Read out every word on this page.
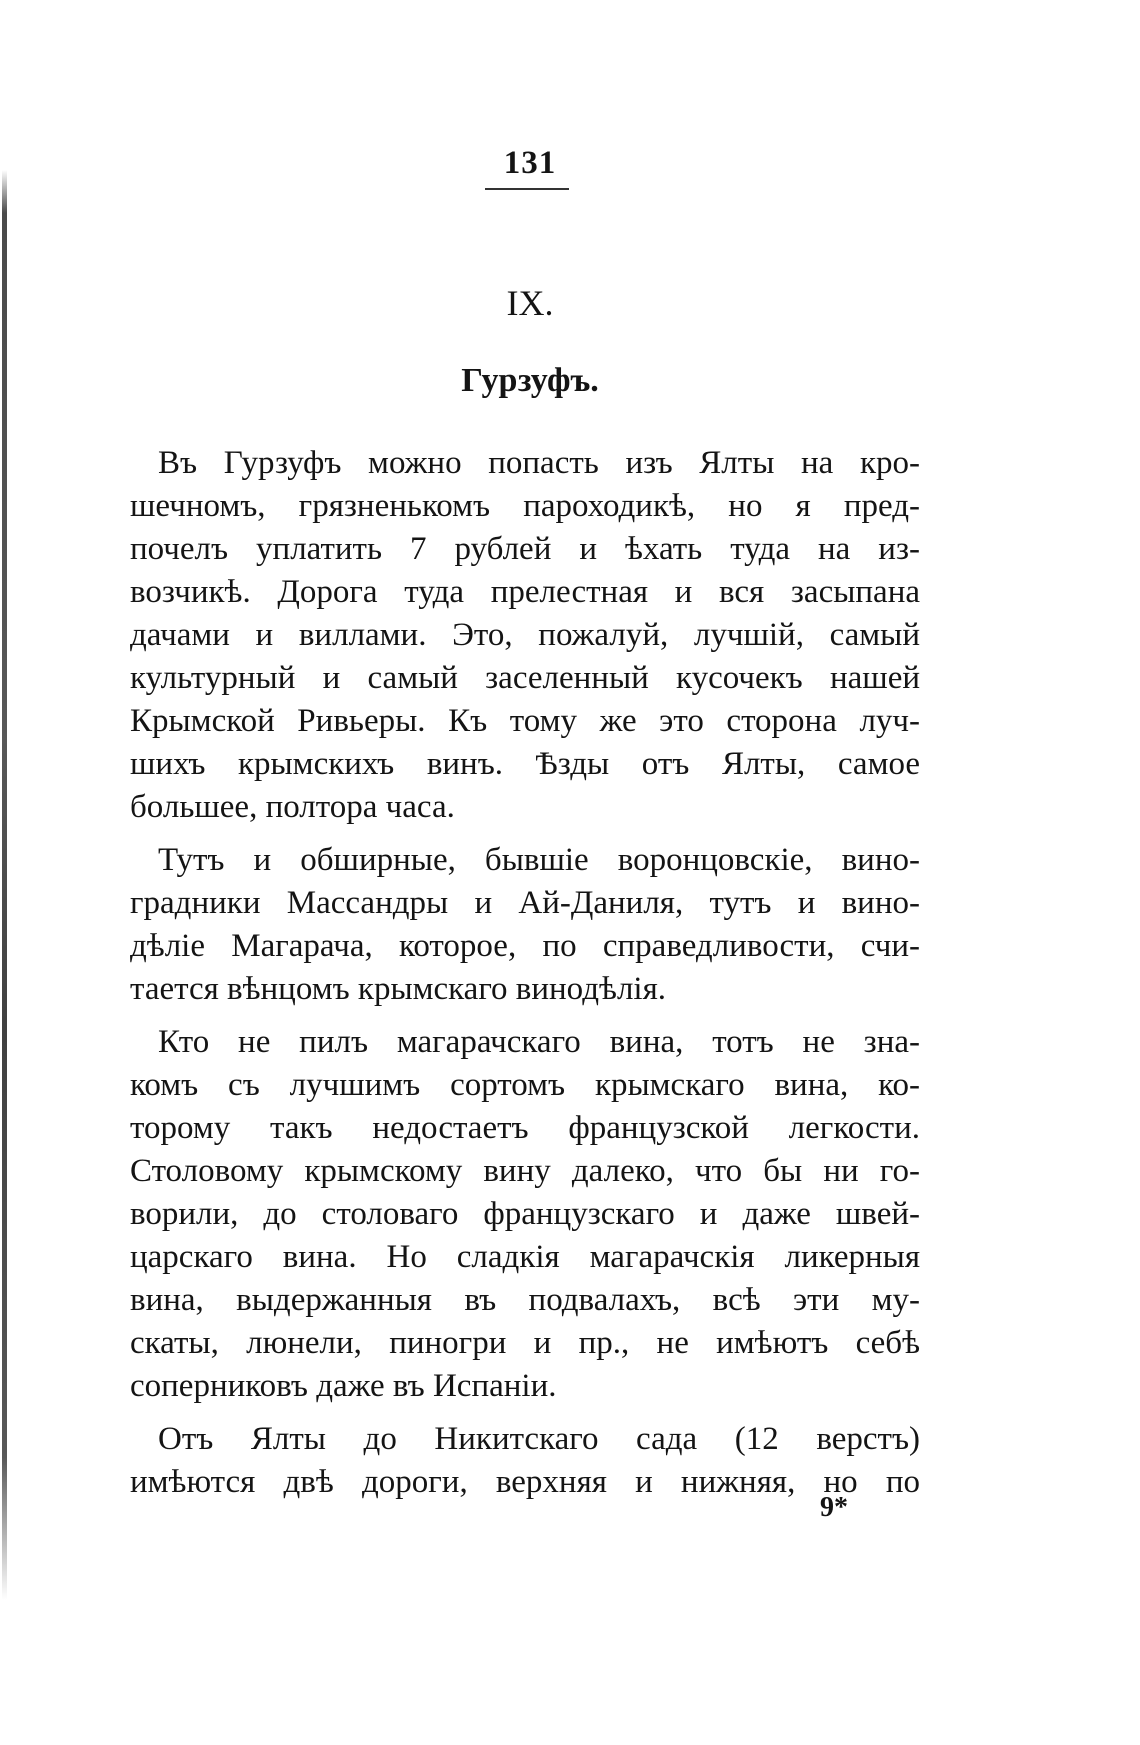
131
IX.
Гурзуфъ.
Въ Гурзуфъ можно попасть изъ Ялты на кро-
шечномъ, грязненькомъ пароходикѣ, но я пред-
почелъ уплатить 7 рублей и ѣхать туда на из-
возчикѣ. Дорога туда прелестная и вся засыпана
дачами и виллами. Это, пожалуй, лучшій, самый
культурный и самый заселенный кусочекъ нашей
Крымской Ривьеры. Къ тому же это сторона луч-
шихъ крымскихъ винъ. Ѣзды отъ Ялты, самое
большее, полтора часа.
Тутъ и обширные, бывшіе воронцовскіе, вино-
градники Массандры и Ай-Даниля, тутъ и вино-
дѣліе Магарача, которое, по справедливости, счи-
тается вѣнцомъ крымскаго винодѣлія.
Кто не пилъ магарачскаго вина, тотъ не зна-
комъ съ лучшимъ сортомъ крымскаго вина, ко-
торому такъ недостаетъ французской легкости.
Столовому крымскому вину далеко, что бы ни го-
ворили, до столоваго французскаго и даже швей-
царскаго вина. Но сладкія магарачскія ликерныя
вина, выдержанныя въ подвалахъ, всѣ эти му-
скаты, люнели, пиногри и пр., не имѣютъ себѣ
соперниковъ даже въ Испаніи.
Отъ Ялты до Никитскаго сада (12 верстъ)
имѣются двѣ дороги, верхняя и нижняя, но по
9*
